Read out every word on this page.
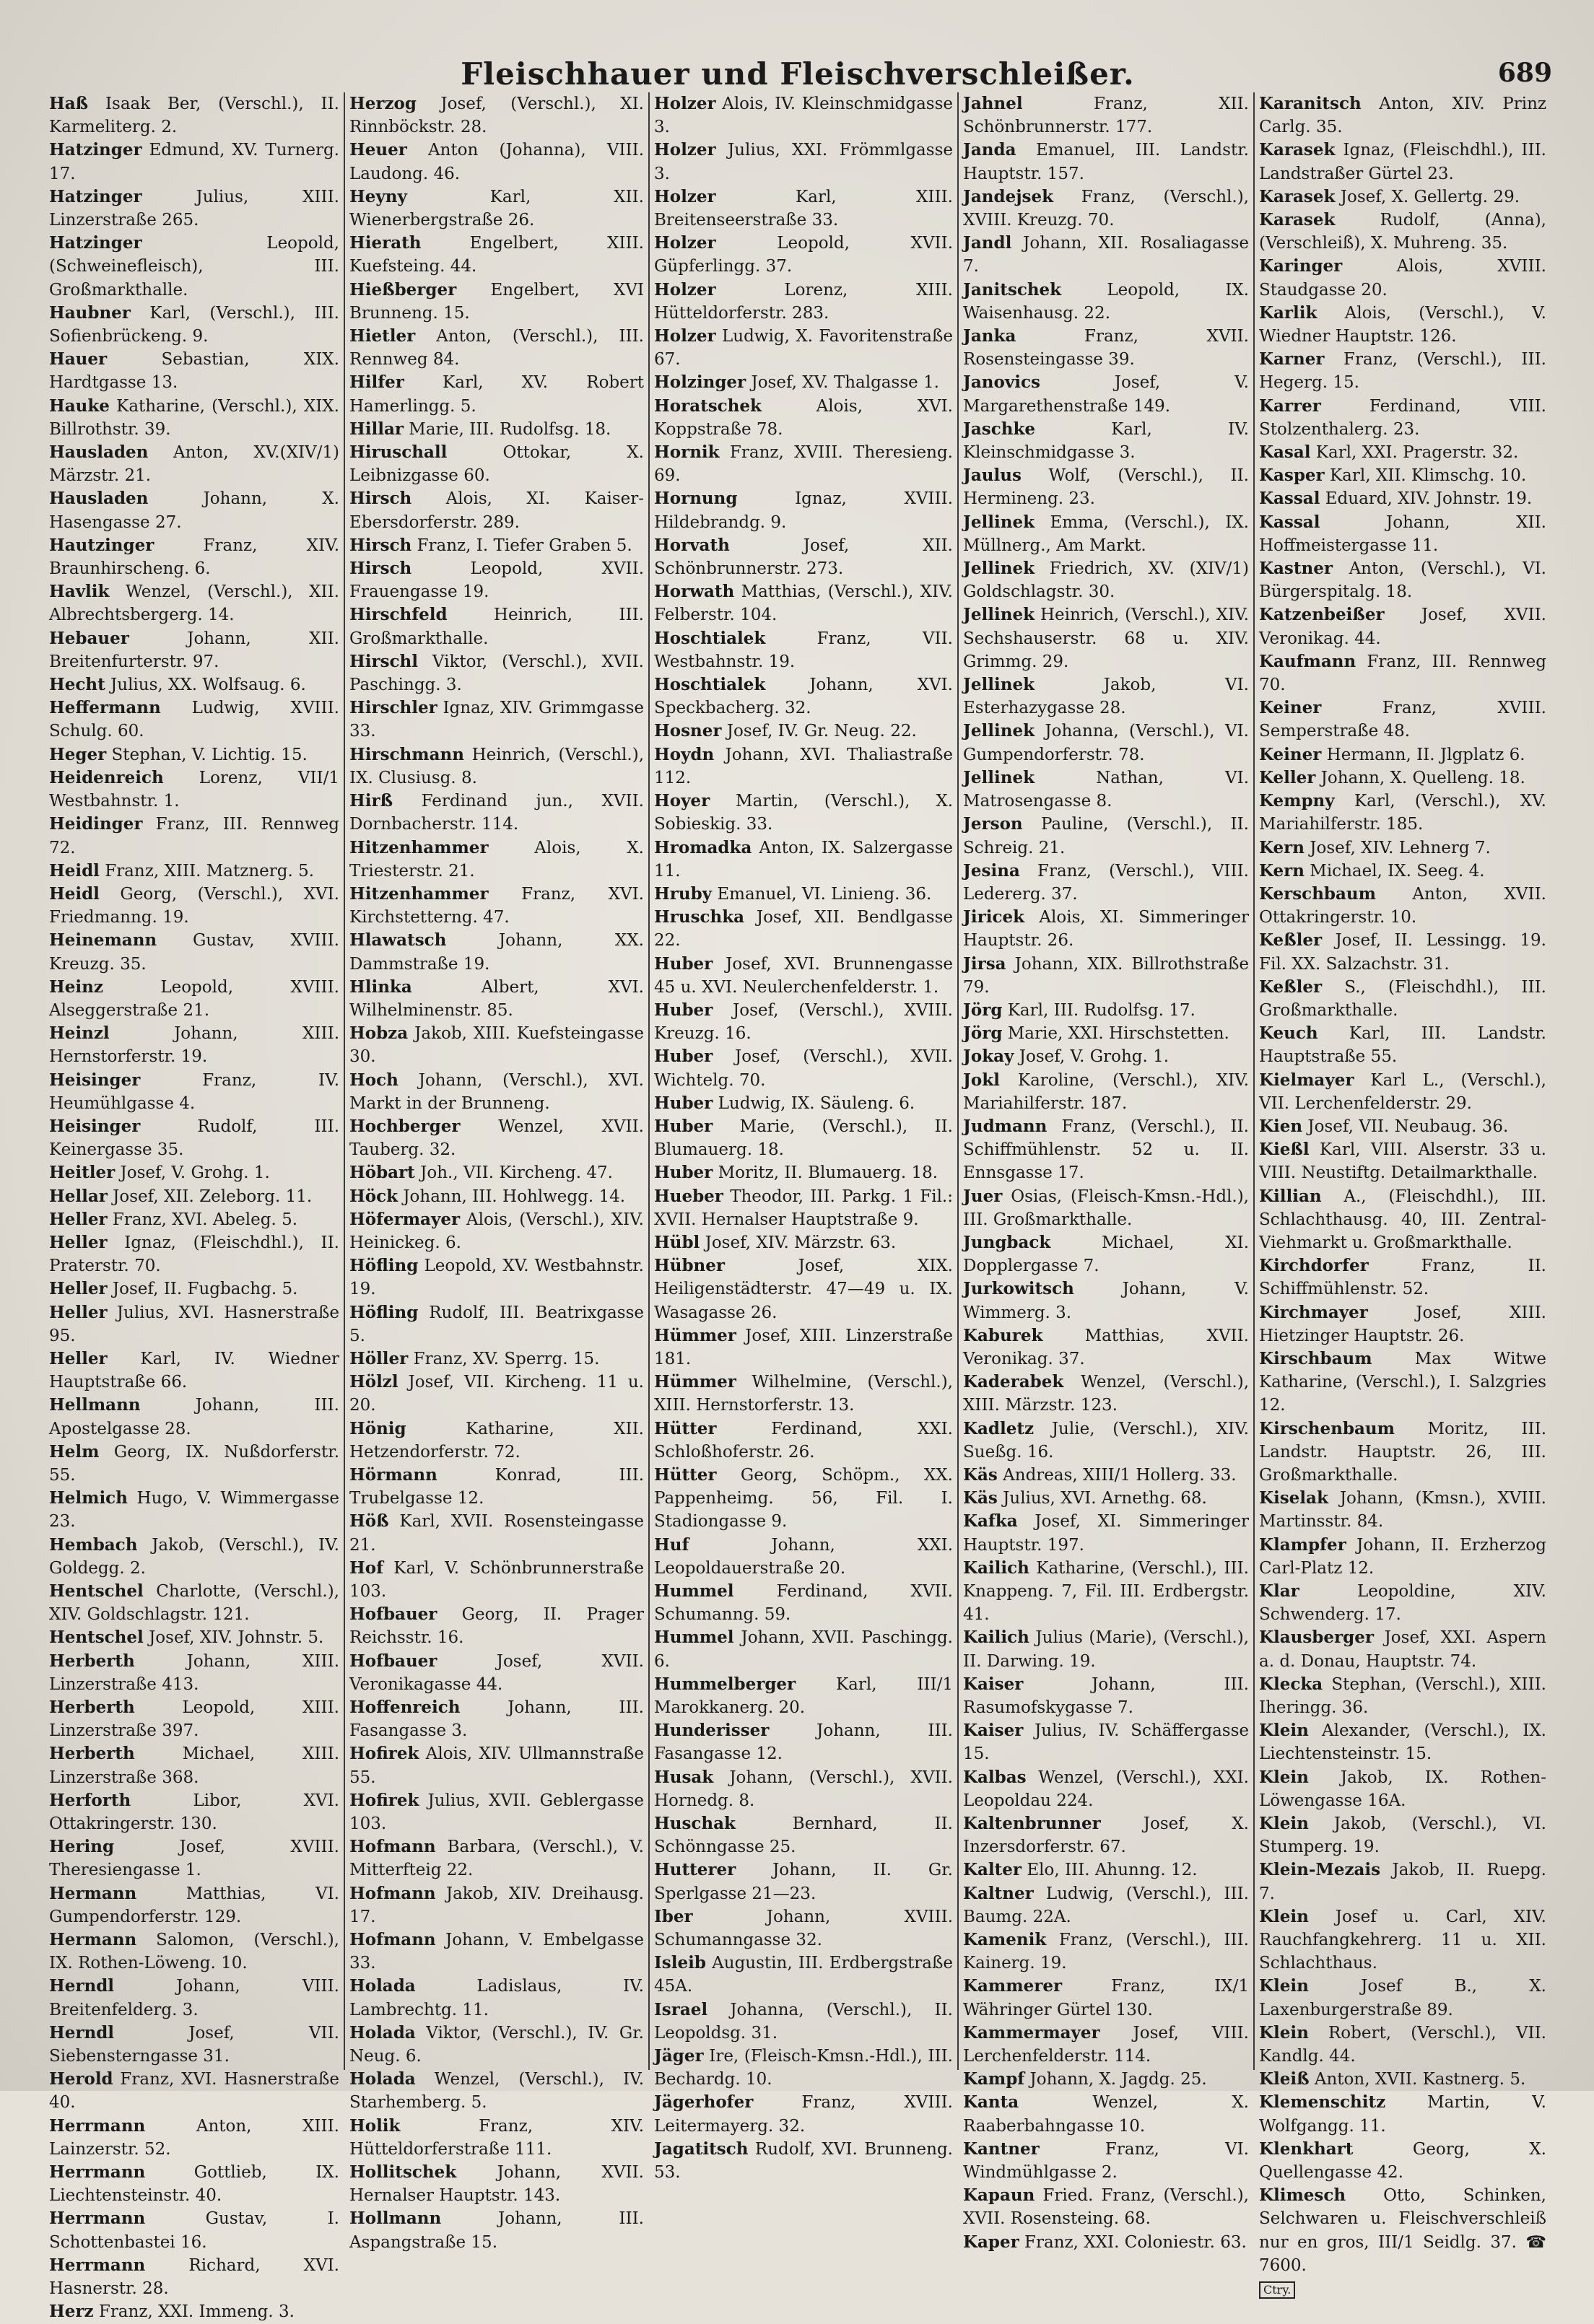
Fleischhauer und Fleischverschleißer.	689

Haß Isaak Ber, (Verschl.), II. Karmeliterg. 2.

Hatzinger Edmund, XV. Turnerg. 17.

Hatzinger Julius, XIII. Linzerstraße 265.

Hatzinger Leopold, (Schweinefleisch), III. Großmarkthalle.

Haubner Karl, (Verschl.), III. Sofienbrückeng. 9.

Hauer Sebastian, XIX. Hardtgasse 13.

Hauke Katharine, (Verschl.), XIX. Billrothstr. 39.

Hausladen Anton, XV.(XIV/1) Märzstr. 21.

Hausladen Johann, X. Hasengasse 27.

Hautzinger Franz, XIV. Braunhirscheng. 6.

Havlik Wenzel, (Verschl.), XII. Albrechtsbergerg. 14.

Hebauer Johann, XII. Breitenfurterstr. 97.

Hecht Julius, XX. Wolfsaug. 6.

Heffermann Ludwig, XVIII. Schulg. 60.

Heger Stephan, V. Lichtig. 15.

Heidenreich Lorenz, VII/1 Westbahnstr. 1.

Heidinger Franz, III. Rennweg 72.

Heidl Franz, XIII. Matznerg. 5.

Heidl Georg, (Verschl.), XVI. Friedmanng. 19.

Heinemann Gustav, XVIII. Kreuzg. 35.

Heinz Leopold, XVIII. Alseggerstraße 21.

Heinzl Johann, XIII. Hernstorferstr. 19.

Heisinger Franz, IV. Heumühlgasse 4.

Heisinger Rudolf, III. Keinergasse 35.

Heitler Josef, V. Grohg. 1.

Hellar Josef, XII. Zeleborg. 11.

Heller Franz, XVI. Abeleg. 5.

Heller Ignaz, (Fleischdhl.), II. Praterstr. 70.

Heller Josef, II. Fugbachg. 5.

Heller Julius, XVI. Hasnerstraße 95.

Heller Karl, IV. Wiedner Hauptstraße 66.

Hellmann Johann, III. Apostelgasse 28.

Helm Georg, IX. Nußdorferstr. 55.

Helmich Hugo, V. Wimmergasse 23.

Hembach Jakob, (Verschl.), IV. Goldegg. 2.

Hentschel Charlotte, (Verschl.), XIV. Goldschlagstr. 121.

Hentschel Josef, XIV. Johnstr. 5.

Herberth Johann, XIII. Linzerstraße 413.

Herberth Leopold, XIII. Linzerstraße 397.

Herberth Michael, XIII. Linzerstraße 368.

Herforth Libor, XVI. Ottakringerstr. 130.

Hering Josef, XVIII. Theresiengasse 1.

Hermann Matthias, VI. Gumpendorferstr. 129.

Hermann Salomon, (Verschl.), IX. Rothen-Löweng. 10.

Herndl Johann, VIII. Breitenfelderg. 3.

Herndl Josef, VII. Siebensterngasse 31.

Herold Franz, XVI. Hasnerstraße 40.

Herrmann Anton, XIII. Lainzerstr. 52.

Herrmann Gottlieb, IX. Liechtensteinstr. 40.

Herrmann Gustav, I. Schottenbastei 16.

Herrmann Richard, XVI. Hasnerstr. 28.

Herz Franz, XXI. Immeng. 3.

Herzog Josef, (Verschl.), XI. Rinnböckstr. 28.

Heuer Anton (Johanna), VIII. Laudong. 46.

Heyny Karl, XII. Wienerbergstraße 26.

Hierath Engelbert, XIII. Kuefsteing. 44.

Hießberger Engelbert, XVI Brunneng. 15.

Hietler Anton, (Verschl.), III. Rennweg 84.

Hilfer Karl, XV. Robert Hamerlingg. 5.

Hillar Marie, III. Rudolfsg. 18.

Hiruschall Ottokar, X. Leibnizgasse 60.

Hirsch Alois, XI. Kaiser-Ebersdorferstr. 289.

Hirsch Franz, I. Tiefer Graben 5.

Hirsch Leopold, XVII. Frauengasse 19.

Hirschfeld Heinrich, III. Großmarkthalle.

Hirschl Viktor, (Verschl.), XVII. Paschingg. 3.

Hirschler Ignaz, XIV. Grimmgasse 33.

Hirschmann Heinrich, (Verschl.), IX. Clusiusg. 8.

Hirß Ferdinand jun., XVII. Dornbacherstr. 114.

Hitzenhammer Alois, X. Triesterstr. 21.

Hitzenhammer Franz, XVI. Kirchstetterng. 47.

Hlawatsch Johann, XX. Dammstraße 19.

Hlinka Albert, XVI. Wilhelminenstr. 85.

Hobza Jakob, XIII. Kuefsteingasse 30.

Hoch Johann, (Verschl.), XVI. Markt in der Brunneng.

Hochberger Wenzel, XVII. Tauberg. 32.

Höbart Joh., VII. Kircheng. 47.

Höck Johann, III. Hohlwegg. 14.

Höfermayer Alois, (Verschl.), XIV. Heinickeg. 6.

Höfling Leopold, XV. Westbahnstr. 19.

Höfling Rudolf, III. Beatrixgasse 5.

Höller Franz, XV. Sperrg. 15.

Hölzl Josef, VII. Kircheng. 11 u. 20.

Hönig Katharine, XII. Hetzendorferstr. 72.

Hörmann Konrad, III. Trubelgasse 12.

Höß Karl, XVII. Rosensteingasse 21.

Hof Karl, V. Schönbrunnerstraße 103.

Hofbauer Georg, II. Prager Reichsstr. 16.

Hofbauer Josef, XVII. Veronikagasse 44.

Hoffenreich Johann, III. Fasangasse 3.

Hofirek Alois, XIV. Ullmannstraße 55.

Hofirek Julius, XVII. Geblergasse 103.

Hofmann Barbara, (Verschl.), V. Mitterfteig 22.

Hofmann Jakob, XIV. Dreihausg. 17.

Hofmann Johann, V. Embelgasse 33.

Holada Ladislaus, IV. Lambrechtg. 11.

Holada Viktor, (Verschl.), IV. Gr. Neug. 6.

Holada Wenzel, (Verschl.), IV. Starhemberg. 5.

Holik Franz, XIV. Hütteldorferstraße 111.

Hollitschek Johann, XVII. Hernalser Hauptstr. 143.

Hollmann Johann, III. Aspangstraße 15.

Holzer Alois, IV. Kleinschmidgasse 3.

Holzer Julius, XXI. Frömmlgasse 3.

Holzer Karl, XIII. Breitenseerstraße 33.

Holzer Leopold, XVII. Güpferlingg. 37.

Holzer Lorenz, XIII. Hütteldorferstr. 283.

Holzer Ludwig, X. Favoritenstraße 67.

Holzinger Josef, XV. Thalgasse 1.

Horatschek Alois, XVI. Koppstraße 78.

Hornik Franz, XVIII. Theresieng. 69.

Hornung Ignaz, XVIII. Hildebrandg. 9.

Horvath Josef, XII. Schönbrunnerstr. 273.

Horwath Matthias, (Verschl.), XIV. Felberstr. 104.

Hoschtialek Franz, VII. Westbahnstr. 19.

Hoschtialek Johann, XVI. Speckbacherg. 32.

Hosner Josef, IV. Gr. Neug. 22.

Hoydn Johann, XVI. Thaliastraße 112.

Hoyer Martin, (Verschl.), X. Sobieskig. 33.

Hromadka Anton, IX. Salzergasse 11.

Hruby Emanuel, VI. Linieng. 36.

Hruschka Josef, XII. Bendlgasse 22.

Huber Josef, XVI. Brunnengasse 45 u. XVI. Neulerchenfelderstr. 1.

Huber Josef, (Verschl.), XVIII. Kreuzg. 16.

Huber Josef, (Verschl.), XVII. Wichtelg. 70.

Huber Ludwig, IX. Säuleng. 6.

Huber Marie, (Verschl.), II. Blumauerg. 18.

Huber Moritz, II. Blumauerg. 18.

Hueber Theodor, III. Parkg. 1 Fil.: XVII. Hernalser Hauptstraße 9.

Hübl Josef, XIV. Märzstr. 63.

Hübner Josef, XIX. Heiligenstädterstr. 47—49 u. IX. Wasagasse 26.

Hümmer Josef, XIII. Linzerstraße 181.

Hümmer Wilhelmine, (Verschl.), XIII. Hernstorferstr. 13.

Hütter Ferdinand, XXI. Schloßhoferstr. 26.

Hütter Georg, Schöpm., XX. Pappenheimg. 56, Fil. I. Stadiongasse 9.

Huf Johann, XXI. Leopoldauerstraße 20.

Hummel Ferdinand, XVII. Schumanng. 59.

Hummel Johann, XVII. Paschingg. 6.

Hummelberger Karl, III/1 Marokkanerg. 20.

Hunderisser Johann, III. Fasangasse 12.

Husak Johann, (Verschl.), XVII. Hornedg. 8.

Huschak Bernhard, II. Schönngasse 25.

Hutterer Johann, II. Gr. Sperlgasse 21—23.

Iber Johann, XVIII. Schumanngasse 32.

Isleib Augustin, III. Erdbergstraße 45A.

Israel Johanna, (Verschl.), II. Leopoldsg. 31.

Jäger Ire, (Fleisch-Kmsn.-Hdl.), III. Bechardg. 10.

Jägerhofer Franz, XVIII. Leitermayerg. 32.

Jagatitsch Rudolf, XVI. Brunneng. 53.

Jahnel Franz, XII. Schönbrunnerstr. 177.

Janda Emanuel, III. Landstr. Hauptstr. 157.

Jandejsek Franz, (Verschl.), XVIII. Kreuzg. 70.

Jandl Johann, XII. Rosaliagasse 7.

Janitschek Leopold, IX. Waisenhausg. 22.

Janka Franz, XVII. Rosensteingasse 39.

Janovics Josef, V. Margarethenstraße 149.

Jaschke Karl, IV. Kleinschmidgasse 3.

Jaulus Wolf, (Verschl.), II. Hermineng. 23.

Jellinek Emma, (Verschl.), IX. Müllnerg., Am Markt.

Jellinek Friedrich, XV. (XIV/1) Goldschlagstr. 30.

Jellinek Heinrich, (Verschl.), XIV. Sechshauserstr. 68 u. XIV. Grimmg. 29.

Jellinek Jakob, VI. Esterhazygasse 28.

Jellinek Johanna, (Verschl.), VI. Gumpendorferstr. 78.

Jellinek Nathan, VI. Matrosengasse 8.

Jerson Pauline, (Verschl.), II. Schreig. 21.

Jesina Franz, (Verschl.), VIII. Ledererg. 37.

Jiricek Alois, XI. Simmeringer Hauptstr. 26.

Jirsa Johann, XIX. Billrothstraße 79.

Jörg Karl, III. Rudolfsg. 17.

Jörg Marie, XXI. Hirschstetten.

Jokay Josef, V. Grohg. 1.

Jokl Karoline, (Verschl.), XIV. Mariahilferstr. 187.

Judmann Franz, (Verschl.), II. Schiffmühlenstr. 52 u. II. Ennsgasse 17.

Juer Osias, (Fleisch-Kmsn.-Hdl.), III. Großmarkthalle.

Jungback Michael, XI. Dopplergasse 7.

Jurkowitsch Johann, V. Wimmerg. 3.

Kaburek Matthias, XVII. Veronikag. 37.

Kaderabek Wenzel, (Verschl.), XIII. Märzstr. 123.

Kadletz Julie, (Verschl.), XIV. Sueßg. 16.

Käs Andreas, XIII/1 Hollerg. 33.

Käs Julius, XVI. Arnethg. 68.

Kafka Josef, XI. Simmeringer Hauptstr. 197.

Kailich Katharine, (Verschl.), III. Knappeng. 7, Fil. III. Erdbergstr. 41.

Kailich Julius (Marie), (Verschl.), II. Darwing. 19.

Kaiser Johann, III. Rasumofskygasse 7.

Kaiser Julius, IV. Schäffergasse 15.

Kalbas Wenzel, (Verschl.), XXI. Leopoldau 224.

Kaltenbrunner Josef, X. Inzersdorferstr. 67.

Kalter Elo, III. Ahunng. 12.

Kaltner Ludwig, (Verschl.), III. Baumg. 22A.

Kamenik Franz, (Verschl.), III. Kainerg. 19.

Kammerer Franz, IX/1 Währinger Gürtel 130.

Kammermayer Josef, VIII. Lerchenfelderstr. 114.

Kampf Johann, X. Jagdg. 25.

Kanta Wenzel, X. Raaberbahngasse 10.

Kantner Franz, VI. Windmühlgasse 2.

Kapaun Fried. Franz, (Verschl.), XVII. Rosensteing. 68.

Kaper Franz, XXI. Coloniestr. 63.

Karanitsch Anton, XIV. Prinz Carlg. 35.

Karasek Ignaz, (Fleischdhl.), III. Landstraßer Gürtel 23.

Karasek Josef, X. Gellertg. 29.

Karasek Rudolf, (Anna), (Verschleiß), X. Muhreng. 35.

Karinger Alois, XVIII. Staudgasse 20.

Karlik Alois, (Verschl.), V. Wiedner Hauptstr. 126.

Karner Franz, (Verschl.), III. Hegerg. 15.

Karrer Ferdinand, VIII. Stolzenthalerg. 23.

Kasal Karl, XXI. Pragerstr. 32.

Kasper Karl, XII. Klimschg. 10.

Kassal Eduard, XIV. Johnstr. 19.

Kassal Johann, XII. Hoffmeistergasse 11.

Kastner Anton, (Verschl.), VI. Bürgerspitalg. 18.

Katzenbeißer Josef, XVII. Veronikag. 44.

Kaufmann Franz, III. Rennweg 70.

Keiner Franz, XVIII. Semperstraße 48.

Keiner Hermann, II. Jlgplatz 6.

Keller Johann, X. Quelleng. 18.

Kempny Karl, (Verschl.), XV. Mariahilferstr. 185.

Kern Josef, XIV. Lehnerg 7.

Kern Michael, IX. Seeg. 4.

Kerschbaum Anton, XVII. Ottakringerstr. 10.

Keßler Josef, II. Lessingg. 19. Fil. XX. Salzachstr. 31.

Keßler S., (Fleischdhl.), III. Großmarkthalle.

Keuch Karl, III. Landstr. Hauptstraße 55.

Kielmayer Karl L., (Verschl.), VII. Lerchenfelderstr. 29.

Kien Josef, VII. Neubaug. 36.

Kießl Karl, VIII. Alserstr. 33 u. VIII. Neustiftg. Detailmarkthalle.

Killian A., (Fleischdhl.), III. Schlachthausg. 40, III. Zentral-Viehmarkt u. Großmarkthalle.

Kirchdorfer Franz, II. Schiffmühlenstr. 52.

Kirchmayer Josef, XIII. Hietzinger Hauptstr. 26.

Kirschbaum Max Witwe Katharine, (Verschl.), I. Salzgries 12.

Kirschenbaum Moritz, III. Landstr. Hauptstr. 26, III. Großmarkthalle.

Kiselak Johann, (Kmsn.), XVIII. Martinsstr. 84.

Klampfer Johann, II. Erzherzog Carl-Platz 12.

Klar Leopoldine, XIV. Schwenderg. 17.

Klausberger Josef, XXI. Aspern a. d. Donau, Hauptstr. 74.

Klecka Stephan, (Verschl.), XIII. Iheringg. 36.

Klein Alexander, (Verschl.), IX. Liechtensteinstr. 15.

Klein Jakob, IX. Rothen-Löwengasse 16A.

Klein Jakob, (Verschl.), VI. Stumperg. 19.

Klein-Mezais Jakob, II. Ruepg. 7.

Klein Josef u. Carl, XIV. Rauchfangkehrerg. 11 u. XII. Schlachthaus.

Klein Josef B., X. Laxenburgerstraße 89.

Klein Robert, (Verschl.), VII. Kandlg. 44.

Kleiß Anton, XVII. Kastnerg. 5.

Klemenschitz Martin, V. Wolfgangg. 11.

Klenkhart Georg, X. Quellengasse 42.

Klimesch Otto, Schinken, Selchwaren u. Fleischverschleiß nur en gros, III/1 Seidlg. 37. ☎ 7600.

Ctry.
